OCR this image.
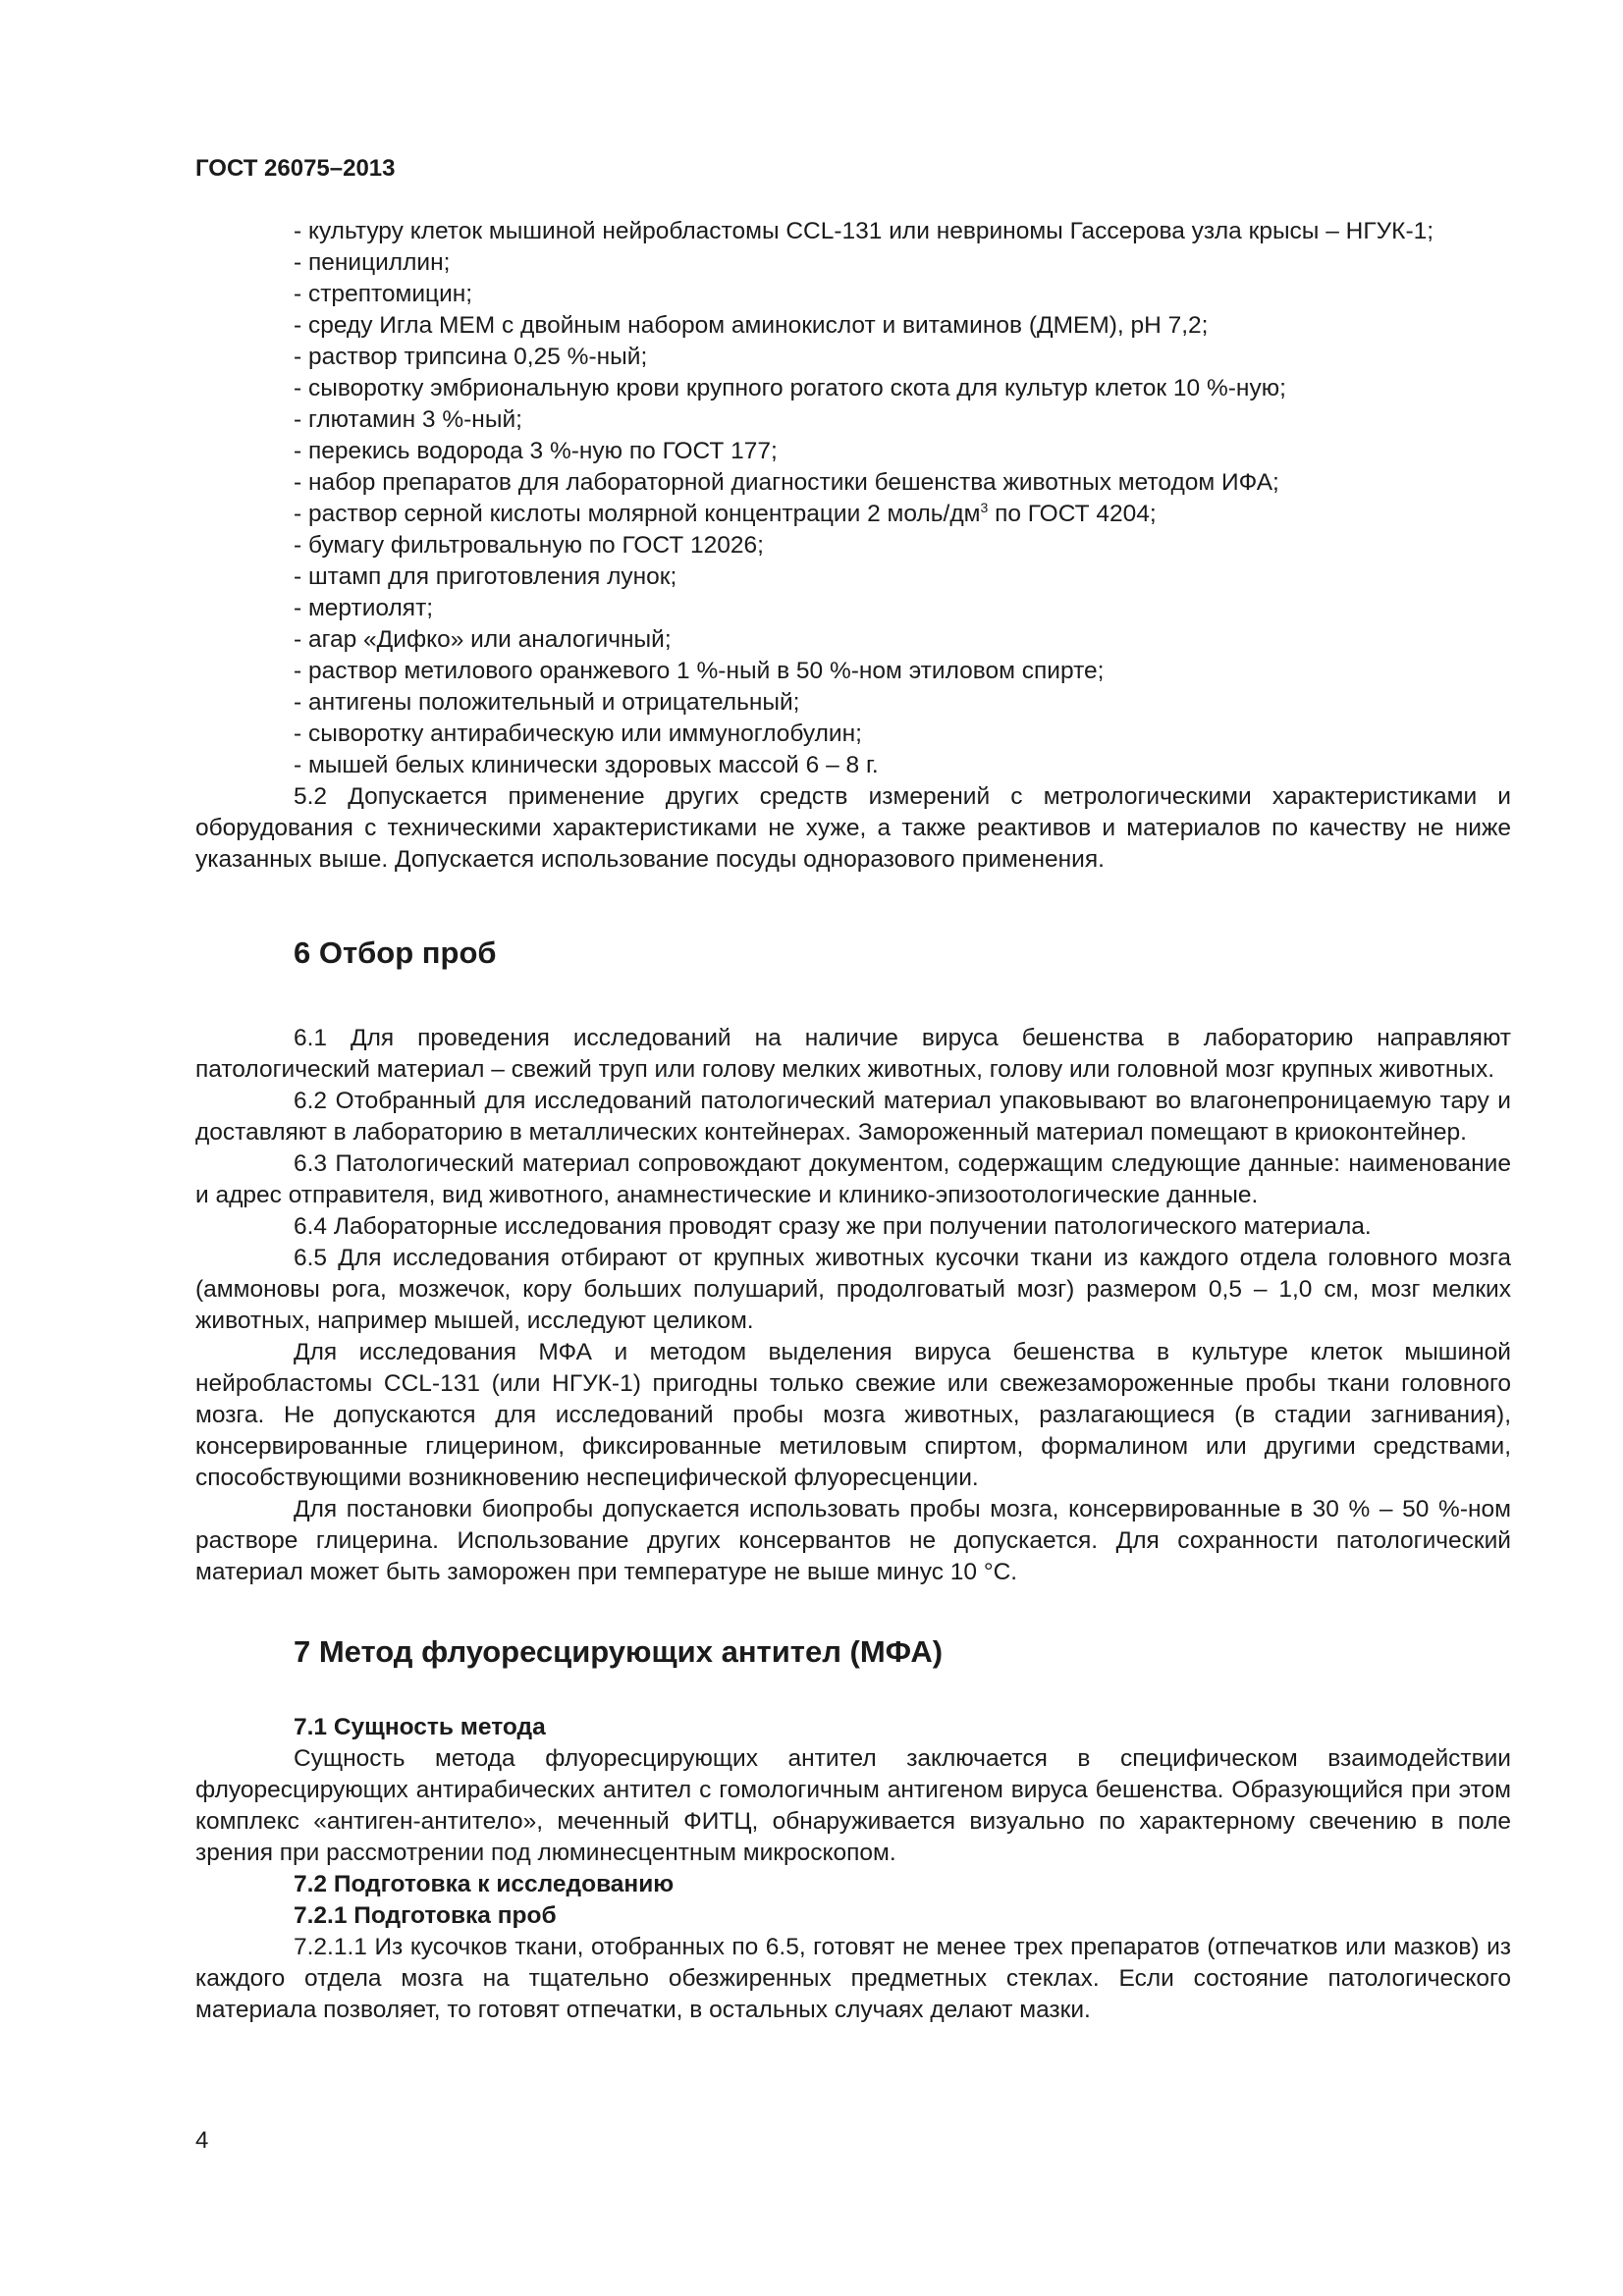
ГОСТ 26075–2013
- культуру клеток мышиной нейробластомы CCL-131 или невриномы Гассерова узла крысы – НГУК-1;
- пенициллин;
- стрептомицин;
- среду Игла МЕМ с двойным набором аминокислот и витаминов (ДМЕМ), pH 7,2;
- раствор трипсина 0,25 %-ный;
- сыворотку эмбриональную крови крупного рогатого скота для культур клеток 10 %-ную;
- глютамин 3 %-ный;
- перекись водорода 3 %-ную по ГОСТ 177;
- набор препаратов для лабораторной диагностики бешенства животных методом ИФА;
- раствор серной кислоты молярной концентрации 2 моль/$дм^3$ по ГОСТ 4204;
- бумагу фильтровальную по ГОСТ 12026;
- штамп для приготовления лунок;
- мертиолят;
- агар «Дифко» или аналогичный;
- раствор метилового оранжевого 1 %-ный в 50 %-ном этиловом спирте;
- антигены положительный и отрицательный;
- сыворотку антирабическую или иммуноглобулин;
- мышей белых клинически здоровых массой 6 – 8 г.

5.2 Допускается применение других средств измерений с метрологическими характеристиками и оборудования с техническими характеристиками не хуже, а также реактивов и материалов по качеству не ниже указанных выше. Допускается использование посуды одноразового применения.

6 Отбор проб

6.1 Для проведения исследований на наличие вируса бешенства в лабораторию направляют патологический материал – свежий труп или голову мелких животных, голову или головной мозг крупных животных.

6.2 Отобранный для исследований патологический материал упаковывают во влагонепроницаемую тару и доставляют в лабораторию в металлических контейнерах. Замороженный материал помещают в криоконтейнер.

6.3 Патологический материал сопровождают документом, содержащим следующие данные: наименование и адрес отправителя, вид животного, анамнестические и клинико-эпизоотологические данные.

6.4 Лабораторные исследования проводят сразу же при получении патологического материала.

6.5 Для исследования отбирают от крупных животных кусочки ткани из каждого отдела головного мозга (аммоновы рога, мозжечок, кору больших полушарий, продолговатый мозг) размером 0,5 – 1,0 см, мозг мелких животных, например мышей, исследуют целиком.

Для исследования МФА и методом выделения вируса бешенства в культуре клеток мышиной нейробластомы CCL-131 (или НГУК-1) пригодны только свежие или свежезамороженные пробы ткани головного мозга. Не допускаются для исследований пробы мозга животных, разлагающиеся (в стадии загнивания), консервированные глицерином, фиксированные метиловым спиртом, формалином или другими средствами, способствующими возникновению неспецифической флуоресценции.

Для постановки биопробы допускается использовать пробы мозга, консервированные в 30 % – 50 %-ном растворе глицерина. Использование других консервантов не допускается. Для сохранности патологический материал может быть заморожен при температуре не выше минус 10 °С.

7 Метод флуоресцирующих антител (МФА)

7.1 Сущность метода

Сущность метода флуоресцирующих антител заключается в специфическом взаимодействии флуоресцирующих антирабических антител с гомологичным антигеном вируса бешенства. Образующийся при этом комплекс «антиген-антитело», меченный ФИТЦ, обнаруживается визуально по характерному свечению в поле зрения при рассмотрении под люминесцентным микроскопом.

7.2 Подготовка к исследованию

7.2.1 Подготовка проб

7.2.1.1 Из кусочков ткани, отобранных по 6.5, готовят не менее трех препаратов (отпечатков или мазков) из каждого отдела мозга на тщательно обезжиренных предметных стеклах. Если состояние патологического материала позволяет, то готовят отпечатки, в остальных случаях делают мазки.

4
